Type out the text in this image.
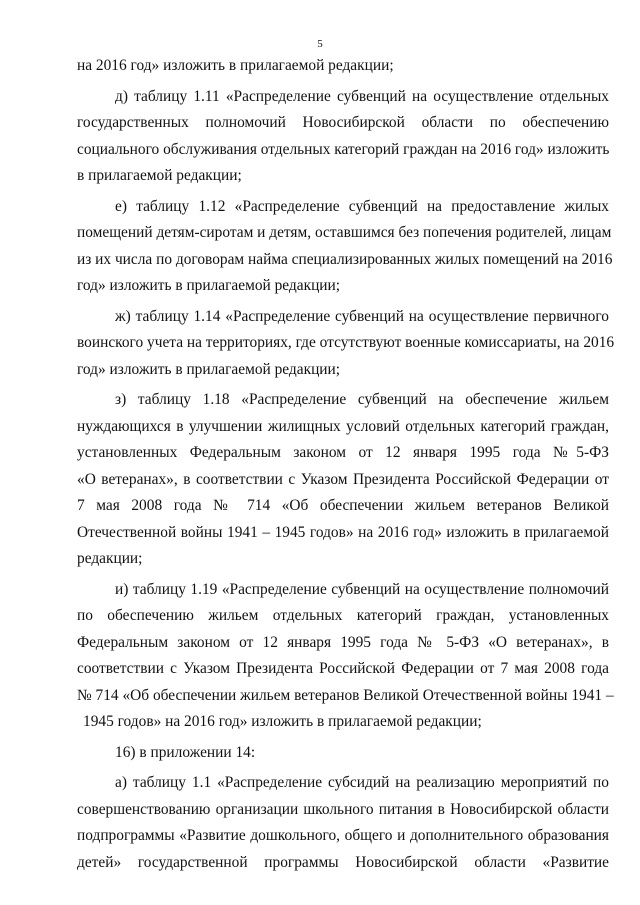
5
на 2016 год» изложить в прилагаемой редакции;
д) таблицу 1.11 «Распределение субвенций на осуществление отдельных
государственных полномочий Новосибирской области по обеспечению
социального обслуживания отдельных категорий граждан на 2016 год» изложить
в прилагаемой редакции;
е) таблицу 1.12 «Распределение субвенций на предоставление жилых
помещений детям-сиротам и детям, оставшимся без попечения родителей, лицам
из их числа по договорам найма специализированных жилых помещений на 2016
год» изложить в прилагаемой редакции;
ж) таблицу 1.14 «Распределение субвенций на осуществление первичного
воинского учета на территориях, где отсутствуют военные комиссариаты, на 2016
год» изложить в прилагаемой редакции;
з) таблицу 1.18 «Распределение субвенций на обеспечение жильем
нуждающихся в улучшении жилищных условий отдельных категорий граждан,
установленных Федеральным законом от 12 января 1995 года №5-ФЗ
«О ветеранах», в соответствии с Указом Президента Российской Федерации от
7 мая 2008 года № 714 «Об обеспечении жильем ветеранов Великой
Отечественной войны 1941 – 1945 годов» на 2016 год» изложить в прилагаемой
редакции;
и) таблицу 1.19 «Распределение субвенций на осуществление полномочий
по обеспечению жильем отдельных категорий граждан, установленных
Федеральным законом от 12 января 1995 года № 5-ФЗ «О ветеранах», в
соответствии с Указом Президента Российской Федерации от 7 мая 2008 года
№ 714 «Об обеспечении жильем ветеранов Великой Отечественной войны 1941 –
1945 годов» на 2016 год» изложить в прилагаемой редакции;
16) в приложении 14:
а) таблицу 1.1 «Распределение субсидий на реализацию мероприятий по
совершенствованию организации школьного питания в Новосибирской области
подпрограммы «Развитие дошкольного, общего и дополнительного образования
детей» государственной программы Новосибирской области «Развитие
